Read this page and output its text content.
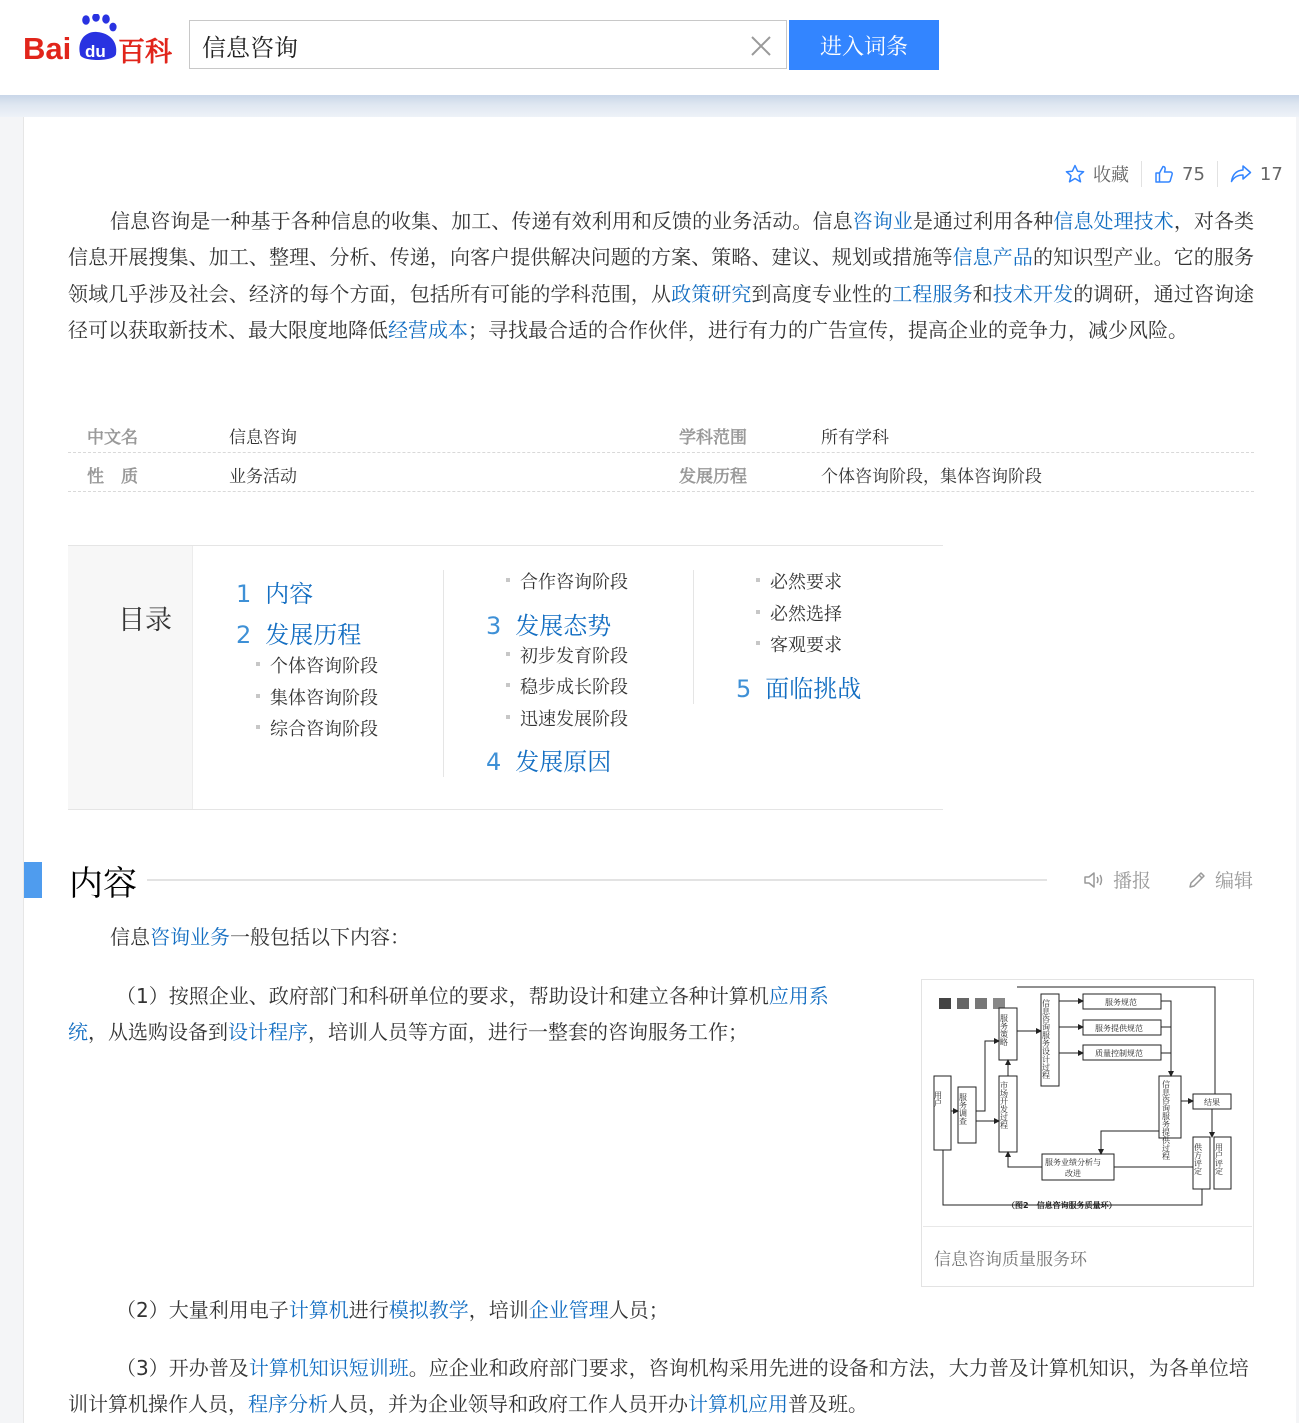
Bai du 百科
信息咨询	进入词条
收藏	75	17

信息咨询是一种基于各种信息的收集、加工、传递有效利用和反馈的业务活动。信息咨询业是通过利用各种信息处理技术，对各类信息开展搜集、加工、整理、分析、传递，向客户提供解决问题的方案、策略、建议、规划或措施等信息产品的知识型产业。它的服务领域几乎涉及社会、经济的每个方面，包括所有可能的学科范围，从政策研究到高度专业性的工程服务和技术开发的调研，通过咨询途径可以获取新技术、最大限度地降低经营成本；寻找最合适的合作伙伴，进行有力的广告宣传，提高企业的竞争力，减少风险。

中文名	信息咨询	学科范围	所有学科
性　质	业务活动	发展历程	个体咨询阶段，集体咨询阶段
目录
1 内容
2 发展历程
个体咨询阶段
集体咨询阶段
综合咨询阶段
合作咨询阶段
3 发展态势
初步发育阶段
稳步成长阶段
迅速发展阶段
4 发展原因
必然要求
必然选择
客观要求
5 面临挑战
内容	播报	编辑

信息咨询业务一般包括以下内容：

（1）按照企业、政府部门和科研单位的要求，帮助设计和建立各种计算机应用系统，从选购设备到设计程序，培训人员等方面，进行一整套的咨询服务工作；

（2）大量利用电子计算机进行模拟教学，培训企业管理人员；

（3）开办普及计算机知识短训班。应企业和政府部门要求，咨询机构采用先进的设备和方法，大力普及计算机知识，为各单位培训计算机操作人员，程序分析人员，并为企业领导和政府工作人员开办计算机应用普及班。

用户 服务调查
服务策略
市场开发过程
信息咨询服务设计过程	服务规范
服务提供规范
质量控制规范
信息咨询服务提供过程	结果
供方评定 用户评定
服务业绩分析与
改进
（图2　信息咨询服务质量环）
信息咨询质量服务环
